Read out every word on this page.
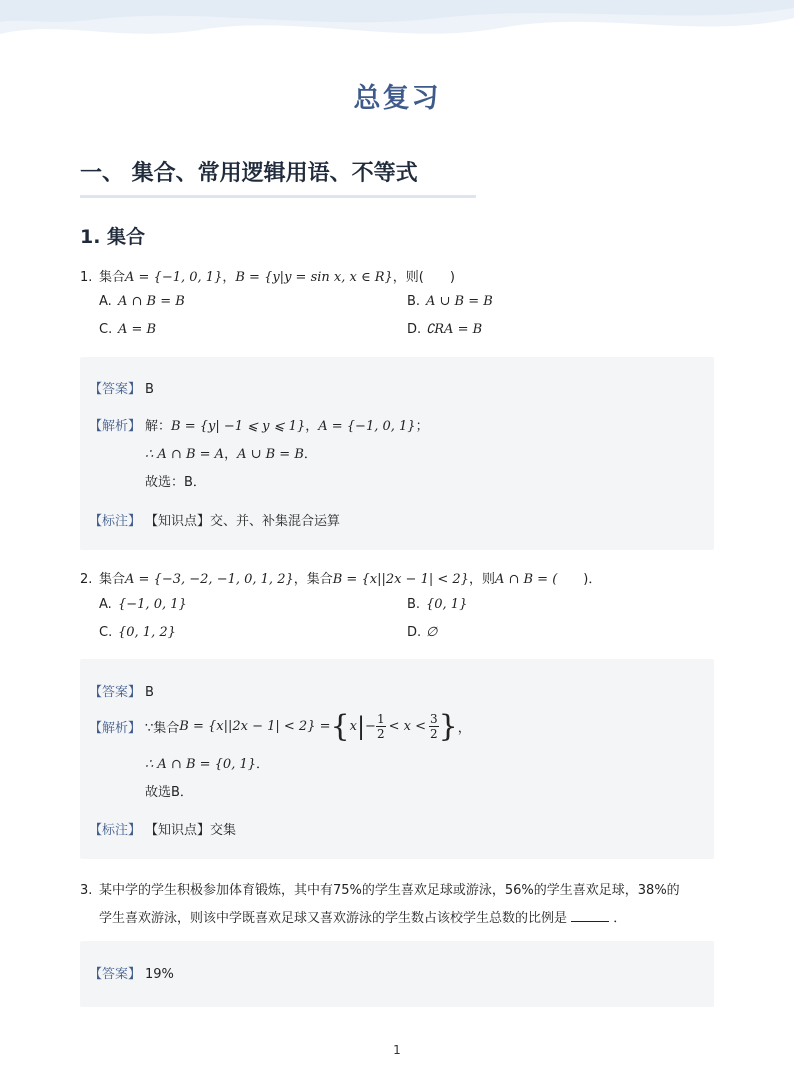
总复习
一、 集合、常用逻辑用语、不等式
1. 集合
1. 集合A = {−1, 0, 1}，B = {y|y = sin x, x ∈ R}，则(　　)
A. A ∩ B = B	B. A ∪ B = B
C. A = B	D. ∁RA = B
【答案】 B
【解析】 解：B = {y| −1 ⩽ y ⩽ 1}，A = {−1, 0, 1}；
∴ A ∩ B = A，A ∪ B = B．
故选：B．
【标注】 【知识点】交、并、补集混合运算
2. 集合A = {−3, −2, −1, 0, 1, 2}，集合B = {x||2x − 1| < 2}，则A ∩ B = (　　)．
A. {−1, 0, 1}	B. {0, 1}
C. {0, 1, 2}	D. ∅
【答案】 B
【解析】 ∵集合$B = \{x||2x - 1| < 2\} =\{x|- \frac{1}{2} < x < \frac{3}{2}$ }，
∴ A ∩ B = {0, 1}．
故选B．
【标注】 【知识点】交集
3. 某中学的学生积极参加体育锻炼，其中有75%的学生喜欢足球或游泳，56%的学生喜欢足球，38%的
学生喜欢游泳，则该中学既喜欢足球又喜欢游泳的学生数占该校学生总数的比例是	．
【答案】 19%
1
